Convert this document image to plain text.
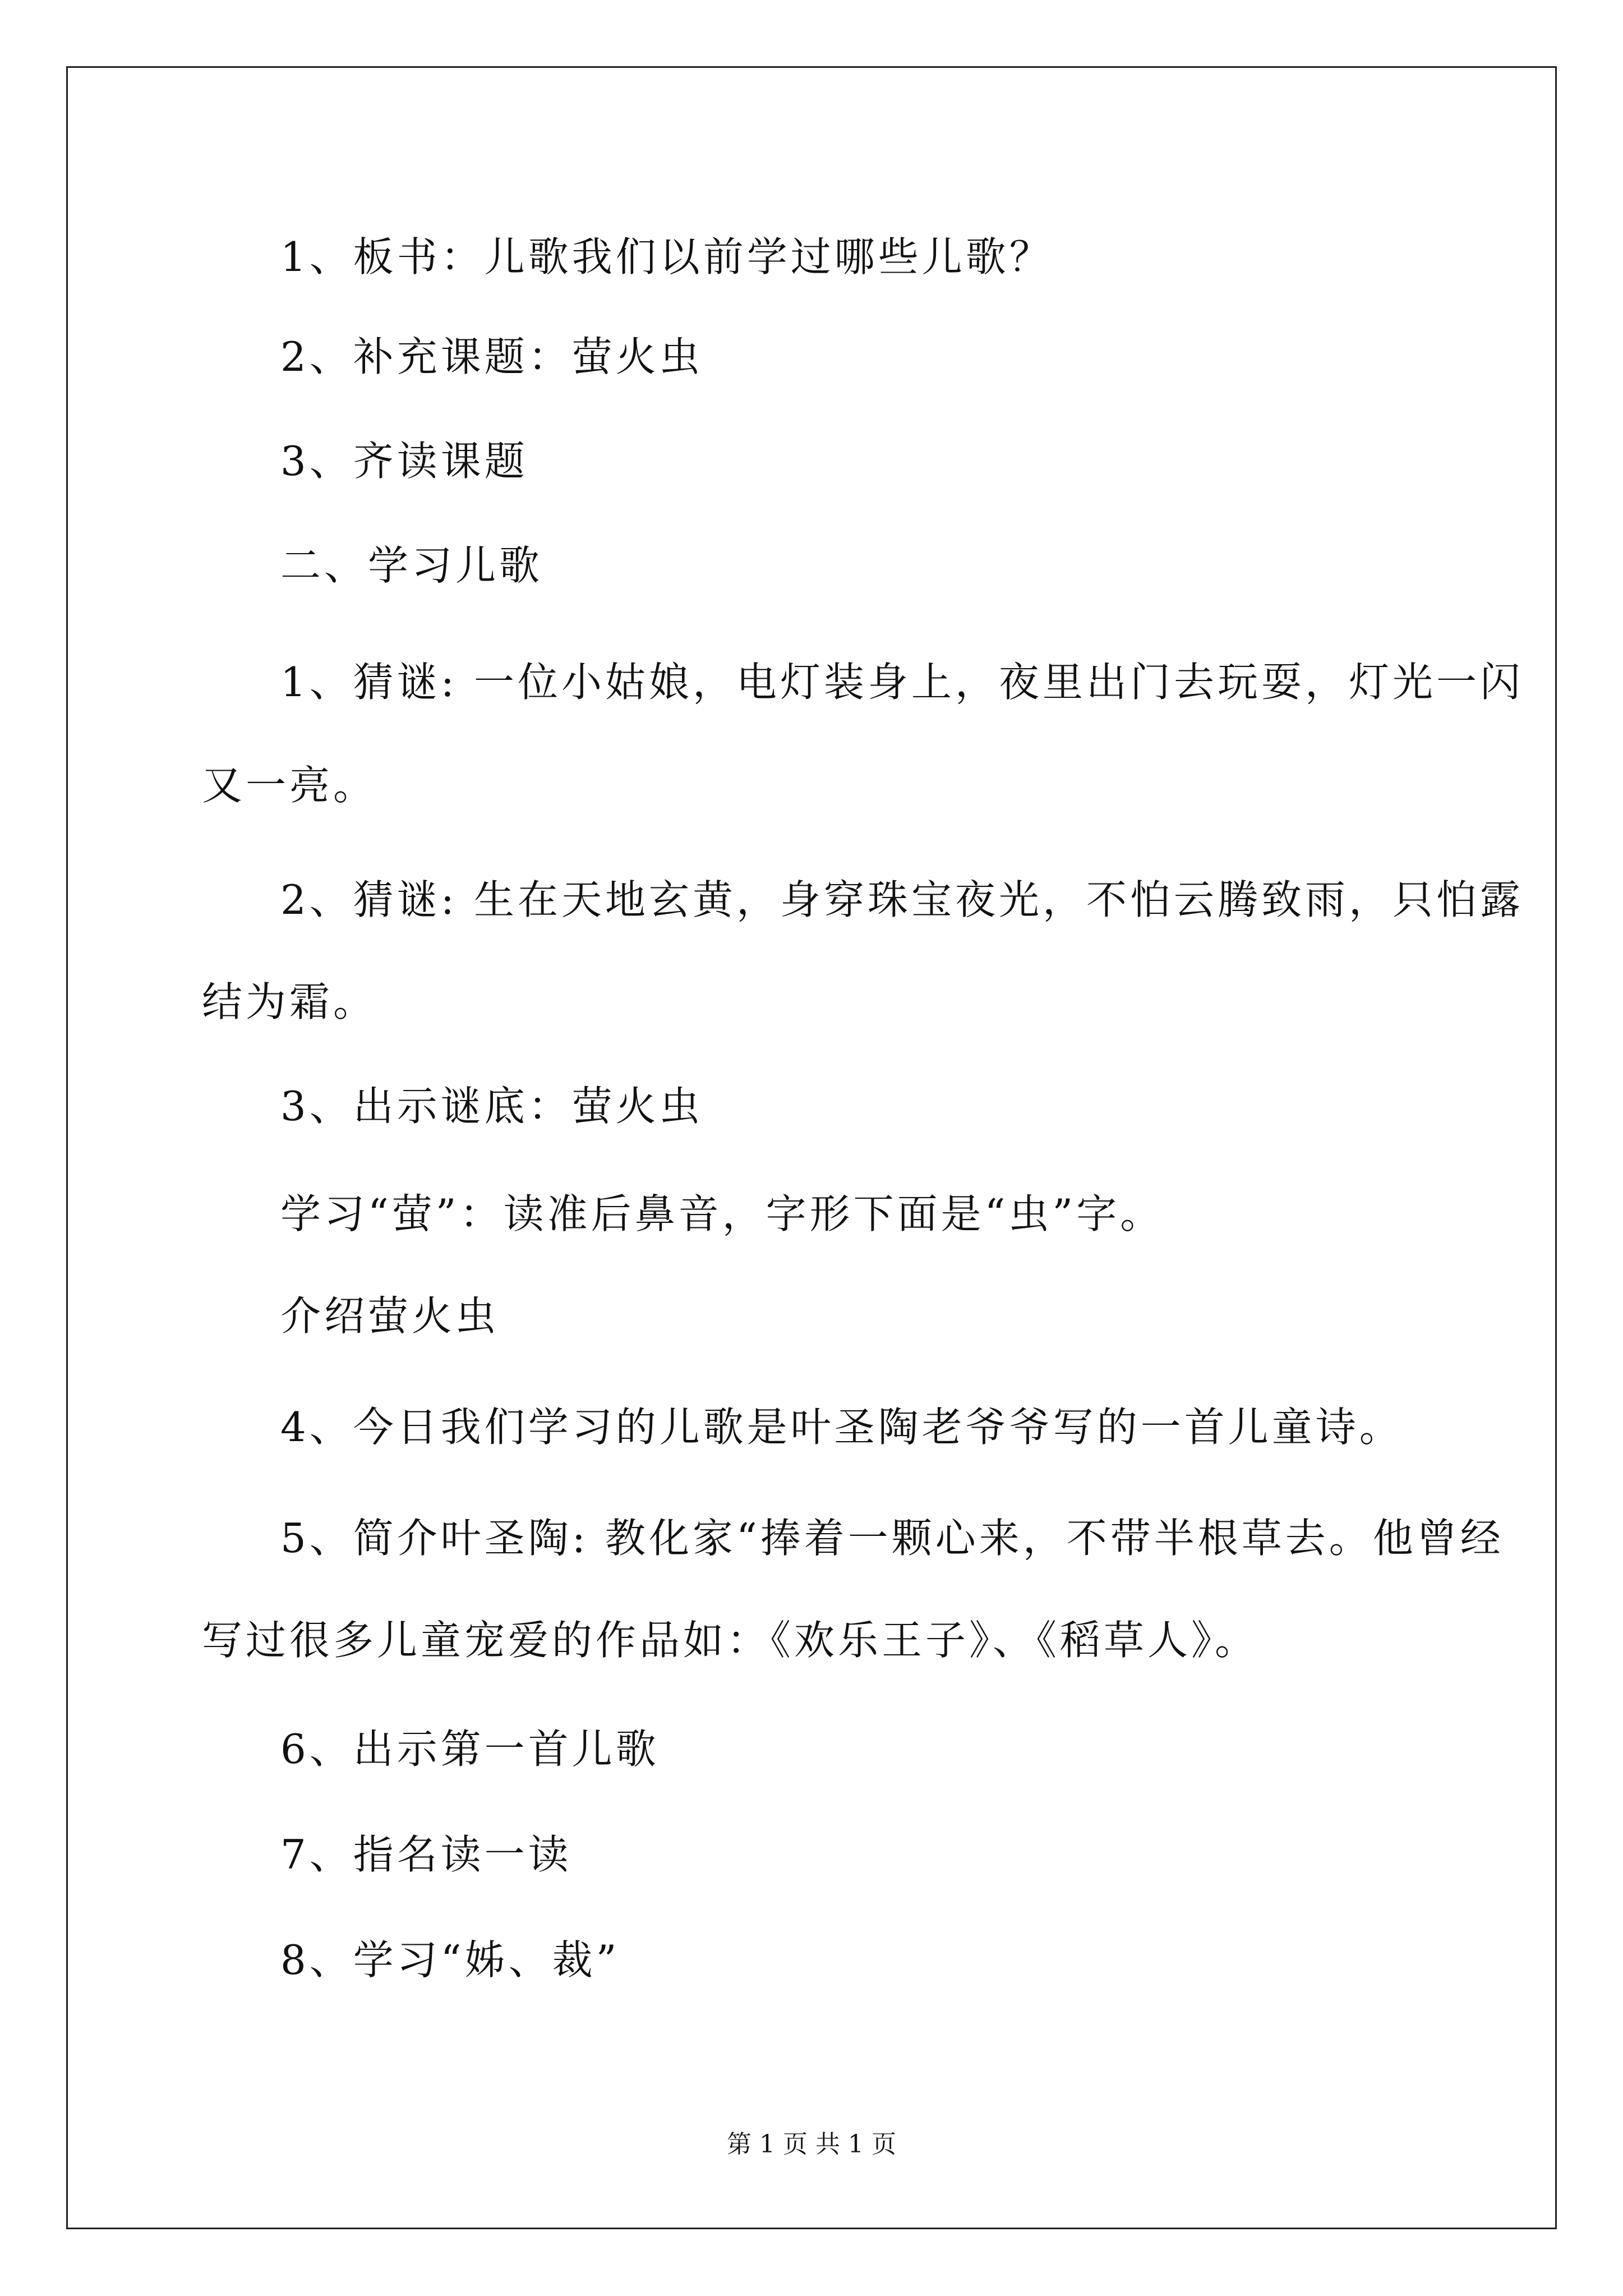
1、板书：儿歌我们以前学过哪些儿歌？
2、补充课题：萤火虫
3、齐读课题
二、学习儿歌
1、猜谜: 一位小姑娘，电灯装身上，夜里出门去玩耍，灯光一闪
又一亮。
2、猜谜: 生在天地玄黄，身穿珠宝夜光，不怕云腾致雨，只怕露
结为霜。
3、出示谜底：萤火虫
学习“萤”：读准后鼻音，字形下面是“虫”字。
介绍萤火虫
4、今日我们学习的儿歌是叶圣陶老爷爷写的一首儿童诗。
5、简介叶圣陶: 教化家“捧着一颗心来，不带半根草去。他曾经
写过很多儿童宠爱的作品如：《欢乐王子》、《稻草人》。
6、出示第一首儿歌
7、指名读一读
8、学习“姊、裁”
第 1 页 共 1 页
